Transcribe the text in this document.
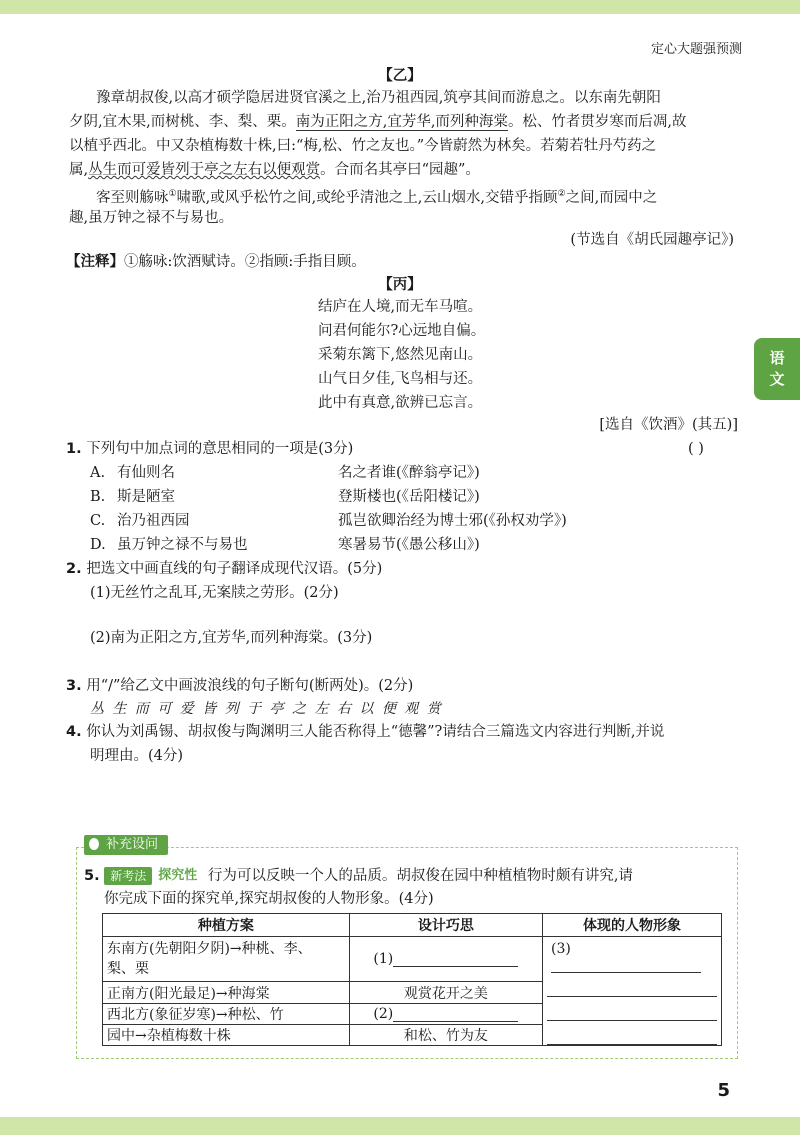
定心大题强预测
语
文
【乙】
豫章胡叔俊,以高才硕学隐居进贤官溪之上,治乃祖西园,筑亭其间而游息之。以东南先朝阳
夕阴,宜木果,而树桃、李、梨、栗。南为正阳之方,宜芳华,而列种海棠。松、竹者贯岁寒而后凋,故
以植乎西北。中又杂植梅数十株,曰:“梅,松、竹之友也。”今皆蔚然为林矣。若菊若牡丹芍药之
属,丛生而可爱皆列于亭之左右以便观赏。合而名其亭曰“园趣”。
客至则觞咏①啸歌,或风乎松竹之间,或纶乎清池之上,云山烟水,交错乎指顾②之间,而园中之
趣,虽万钟之禄不与易也。
(节选自《胡氏园趣亭记》)
【注释】①觞咏:饮酒赋诗。②指顾:手指目顾。
【丙】
结庐在人境,而无车马喧。
问君何能尔?心远地自偏。
采菊东篱下,悠然见南山。
山气日夕佳,飞鸟相与还。
此中有真意,欲辨已忘言。
[选自《饮酒》(其五)]
1. 下列句中加点词的意思相同的一项是(3分)	( )
A. 有仙则名	名之者谁(《醉翁亭记》)
B. 斯是陋室	登斯楼也(《岳阳楼记》)
C. 治乃祖西园	孤岂欲卿治经为博士邪(《孙权劝学》)
D. 虽万钟之禄不与易也	寒暑易节(《愚公移山》)
2. 把选文中画直线的句子翻译成现代汉语。(5分)
(1)无丝竹之乱耳,无案牍之劳形。(2分)
(2)南为正阳之方,宜芳华,而列种海棠。(3分)
3. 用“/”给乙文中画波浪线的句子断句(断两处)。(2分)
丛 生 而 可 爱 皆 列 于 亭 之 左 右 以 便 观 赏
4. 你认为刘禹锡、胡叔俊与陶渊明三人能否称得上“德馨”?请结合三篇选文内容进行判断,并说
明理由。(4分)
补充设问
5. 新考法 探究性 行为可以反映一个人的品质。胡叔俊在园中种植植物时颇有讲究,请
你完成下面的探究单,探究胡叔俊的人物形象。(4分)
种植方案	设计巧思	体现的人物形象
东南方(先朝阳夕阴)→种桃、李、
梨、栗	(1)	(3)

正南方(阳光最足)→种海棠	观赏花开之美	
西北方(象征岁寒)→种松、竹	(2)	
园中→杂植梅数十株	和松、竹为友	
5
